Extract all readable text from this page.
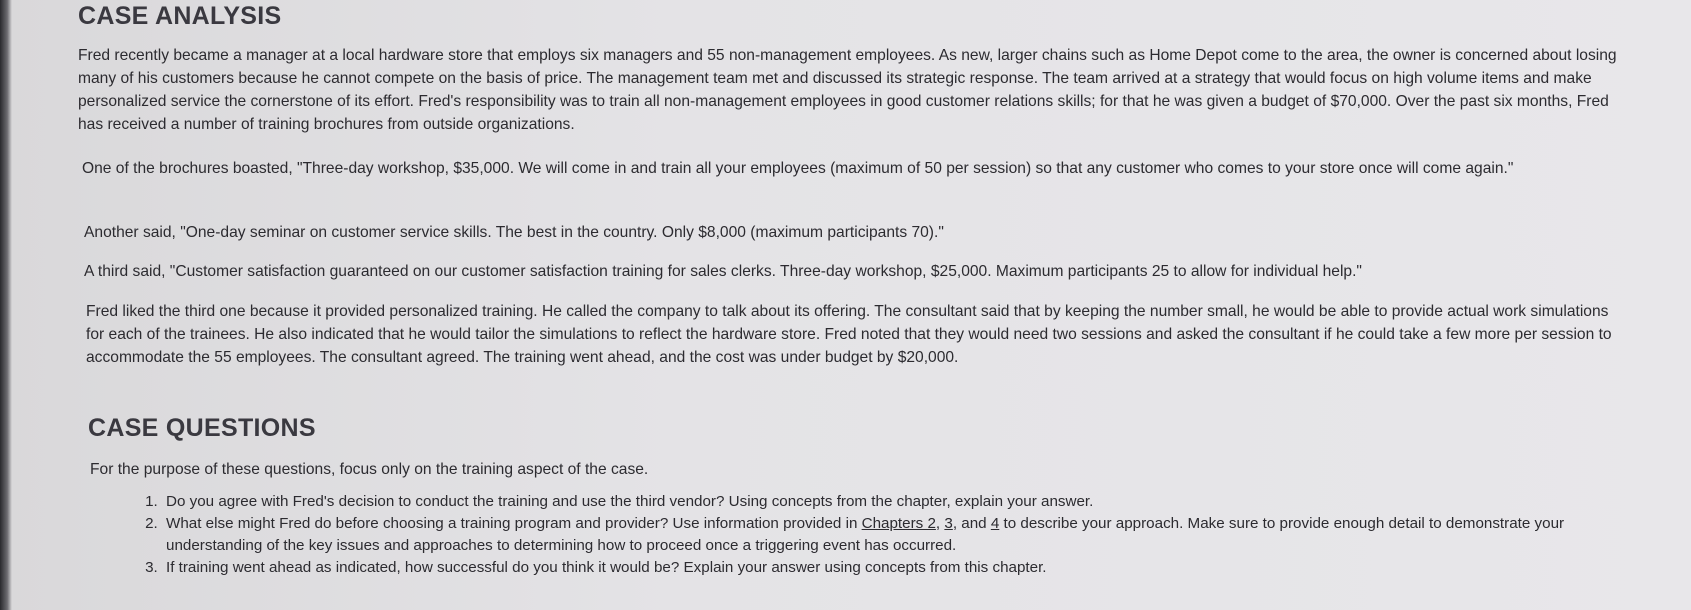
CASE ANALYSIS

Fred recently became a manager at a local hardware store that employs six managers and 55 non-management employees. As new, larger chains such as Home Depot come to the area, the owner is concerned about losing many of his customers because he cannot compete on the basis of price. The management team met and discussed its strategic response. The team arrived at a strategy that would focus on high volume items and make personalized service the cornerstone of its effort. Fred's responsibility was to train all non-management employees in good customer relations skills; for that he was given a budget of $70,000. Over the past six months, Fred has received a number of training brochures from outside organizations.

One of the brochures boasted, "Three-day workshop, $35,000. We will come in and train all your employees (maximum of 50 per session) so that any customer who comes to your store once will come again."

Another said, "One-day seminar on customer service skills. The best in the country. Only $8,000 (maximum participants 70)."

A third said, "Customer satisfaction guaranteed on our customer satisfaction training for sales clerks. Three-day workshop, $25,000. Maximum participants 25 to allow for individual help."

Fred liked the third one because it provided personalized training. He called the company to talk about its offering. The consultant said that by keeping the number small, he would be able to provide actual work simulations for each of the trainees. He also indicated that he would tailor the simulations to reflect the hardware store. Fred noted that they would need two sessions and asked the consultant if he could take a few more per session to accommodate the 55 employees. The consultant agreed. The training went ahead, and the cost was under budget by $20,000.

CASE QUESTIONS

For the purpose of these questions, focus only on the training aspect of the case.

1. Do you agree with Fred's decision to conduct the training and use the third vendor? Using concepts from the chapter, explain your answer.
2. What else might Fred do before choosing a training program and provider? Use information provided in Chapters 2, 3, and 4 to describe your approach. Make sure to provide enough detail to demonstrate your understanding of the key issues and approaches to determining how to proceed once a triggering event has occurred.
3. If training went ahead as indicated, how successful do you think it would be? Explain your answer using concepts from this chapter.
